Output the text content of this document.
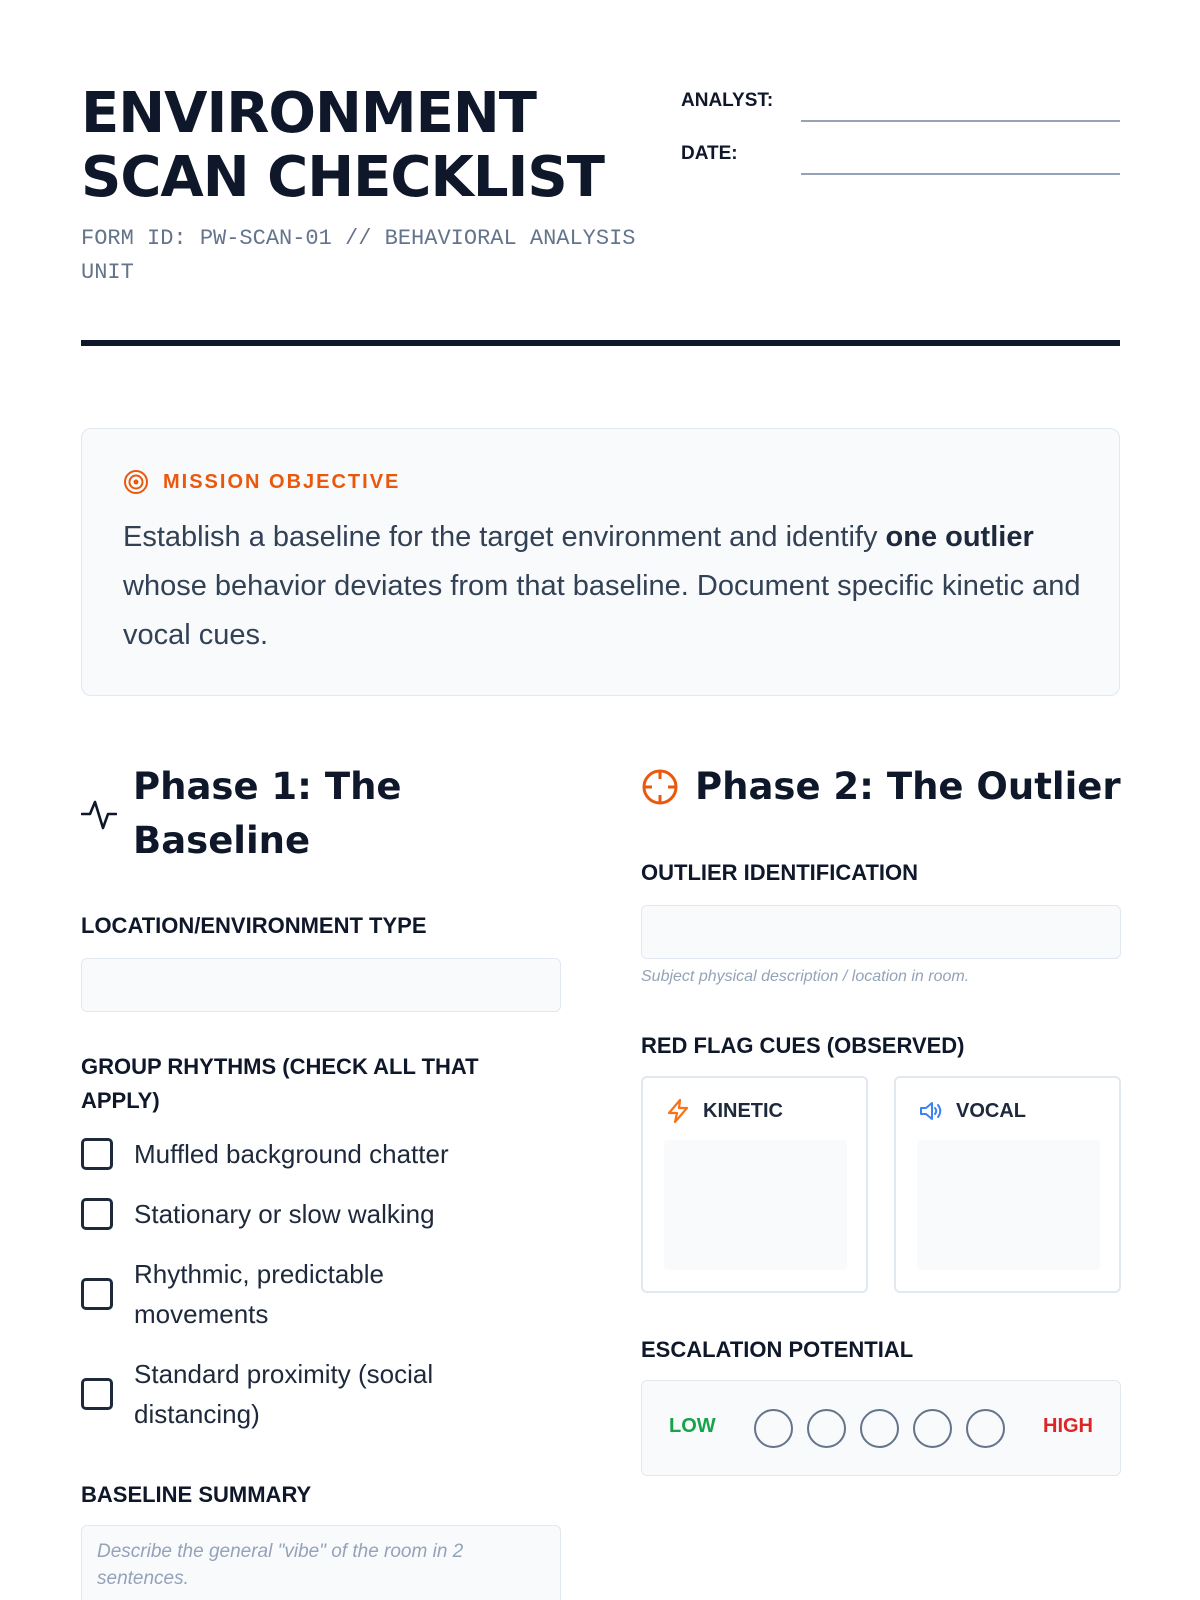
ENVIRONMENT
SCAN CHECKLIST
FORM ID: PW-SCAN-01 // BEHAVIORAL ANALYSIS UNIT
ANALYST:
DATE:
MISSION OBJECTIVE

Establish a baseline for the target environment and identify one outlier whose behavior deviates from that baseline. Document specific kinetic and vocal cues.

Phase 1: The Baseline
LOCATION/ENVIRONMENT TYPE
GROUP RHYTHMS (CHECK ALL THAT APPLY)
Muffled background chatter
Stationary or slow walking
Rhythmic, predictable movements
Standard proximity (social distancing)
BASELINE SUMMARY
Describe the general "vibe" of the room in 2 sentences.
Phase 2: The Outlier
OUTLIER IDENTIFICATION
Subject physical description / location in room.
RED FLAG CUES (OBSERVED)
KINETIC	VOCAL
ESCALATION POTENTIAL
LOW	HIGH
